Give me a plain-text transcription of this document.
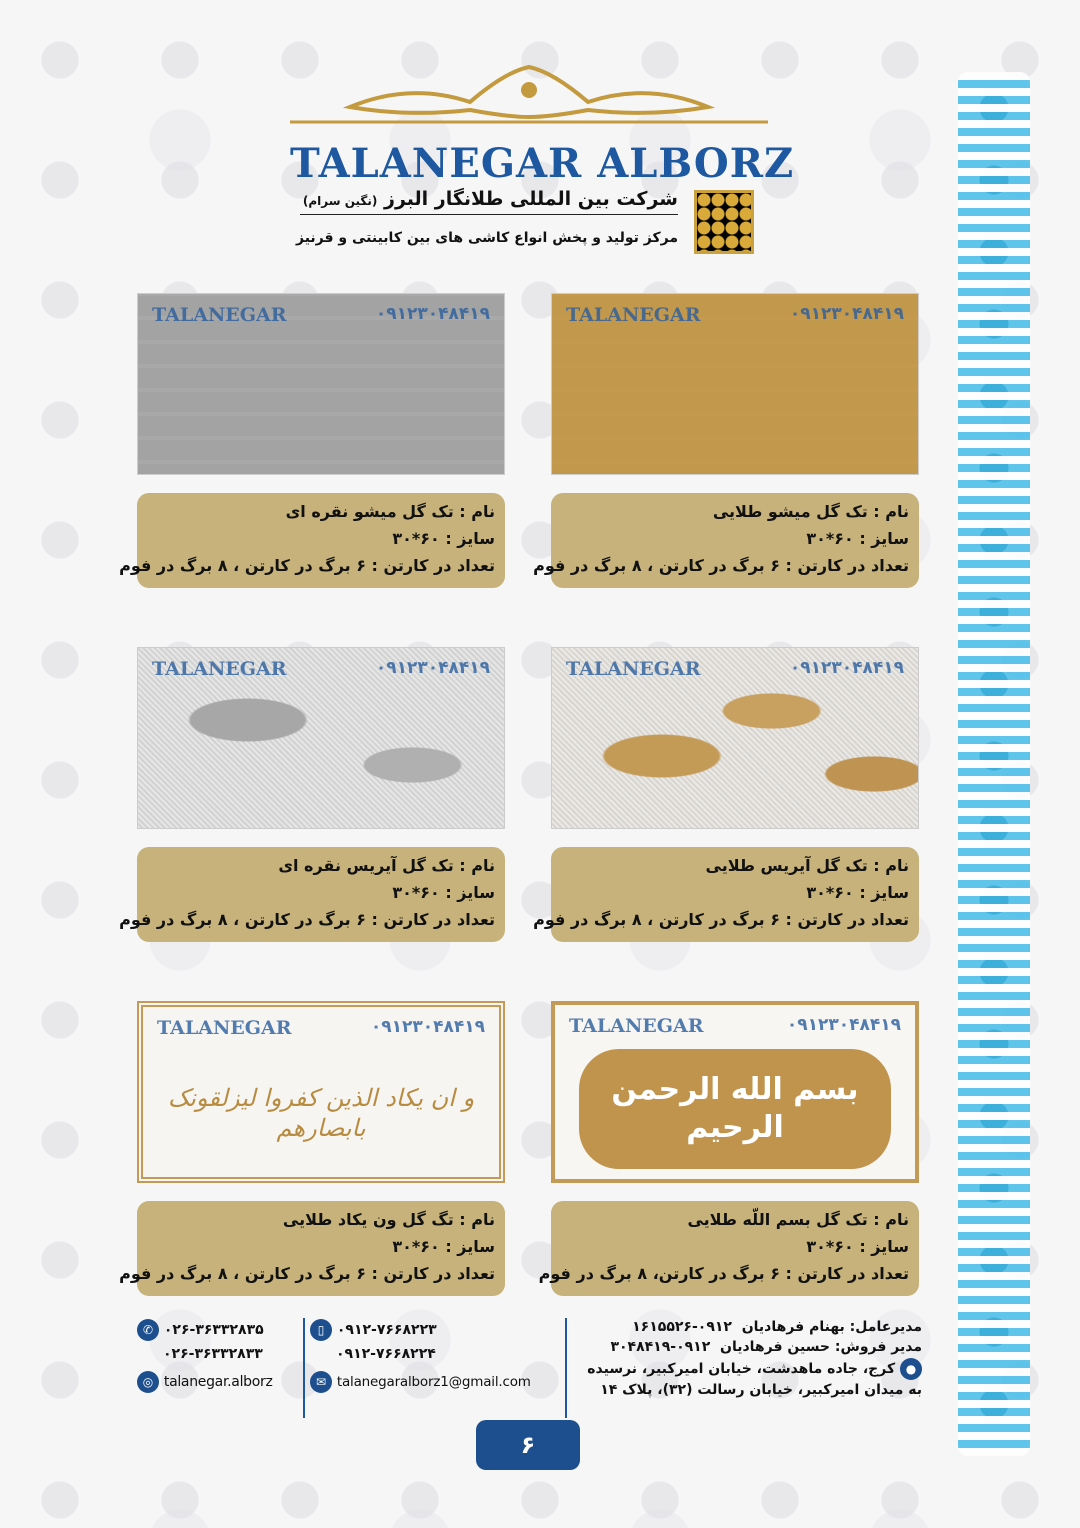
TALANEGAR ALBORZ
شرکت بین المللی طلانگار البرز (نگین سرام)
مرکز تولید و پخش انواع کاشی های بین کابینتی و قرنیز
TALANEGAR	۰۹۱۲۳۰۴۸۴۱۹
نام : تک گل میشو طلایی
سایز : ۶۰*۳۰
تعداد در کارتن : ۶ برگ در کارتن ، ۸ برگ در فوم
TALANEGAR	۰۹۱۲۳۰۴۸۴۱۹
نام : تک گل میشو نقره ای
سایز : ۶۰*۳۰
تعداد در کارتن : ۶ برگ در کارتن ، ۸ برگ در فوم
TALANEGAR	۰۹۱۲۳۰۴۸۴۱۹
نام : تک گل آیریس طلایی
سایز : ۶۰*۳۰
تعداد در کارتن : ۶ برگ در کارتن ، ۸ برگ در فوم
TALANEGAR	۰۹۱۲۳۰۴۸۴۱۹
نام : تک گل آیریس نقره ای
سایز : ۶۰*۳۰
تعداد در کارتن : ۶ برگ در کارتن ، ۸ برگ در فوم
بسم الله الرحمن الرحیم
TALANEGAR	۰۹۱۲۳۰۴۸۴۱۹
نام : تک گل بسم اللّه طلایی
سایز : ۶۰*۳۰
تعداد در کارتن : ۶ برگ در کارتن، ۸ برگ در فوم
و ان یکاد الذین کفروا لیزلقونک بابصارهم
TALANEGAR	۰۹۱۲۳۰۴۸۴۱۹
نام : تگ گل ون یکاد طلایی
سایز : ۶۰*۳۰
تعداد در کارتن : ۶ برگ در کارتن ، ۸ برگ در فوم
مدیرعامل: بهنام فرهادیان  ۰۹۱۲-۱۶۱۵۵۲۶
مدیر فروش: حسین فرهادیان  ۰۹۱۲-۳۰۴۸۴۱۹
● کرج، جاده ماهدشت، خیابان امیرکبیر، نرسیده
به میدان امیرکبیر، خیابان رسالت (۳۲)، پلاک ۱۴
▯ ۰۹۱۲-۷۶۶۸۲۲۳
۰۹۱۲-۷۶۶۸۲۲۴
✉ talanegaralborz1@gmail.com
✆ ۰۲۶-۳۶۳۳۲۸۳۵
۰۲۶-۳۶۳۳۲۸۳۳
◎ talanegar.alborz
۶
